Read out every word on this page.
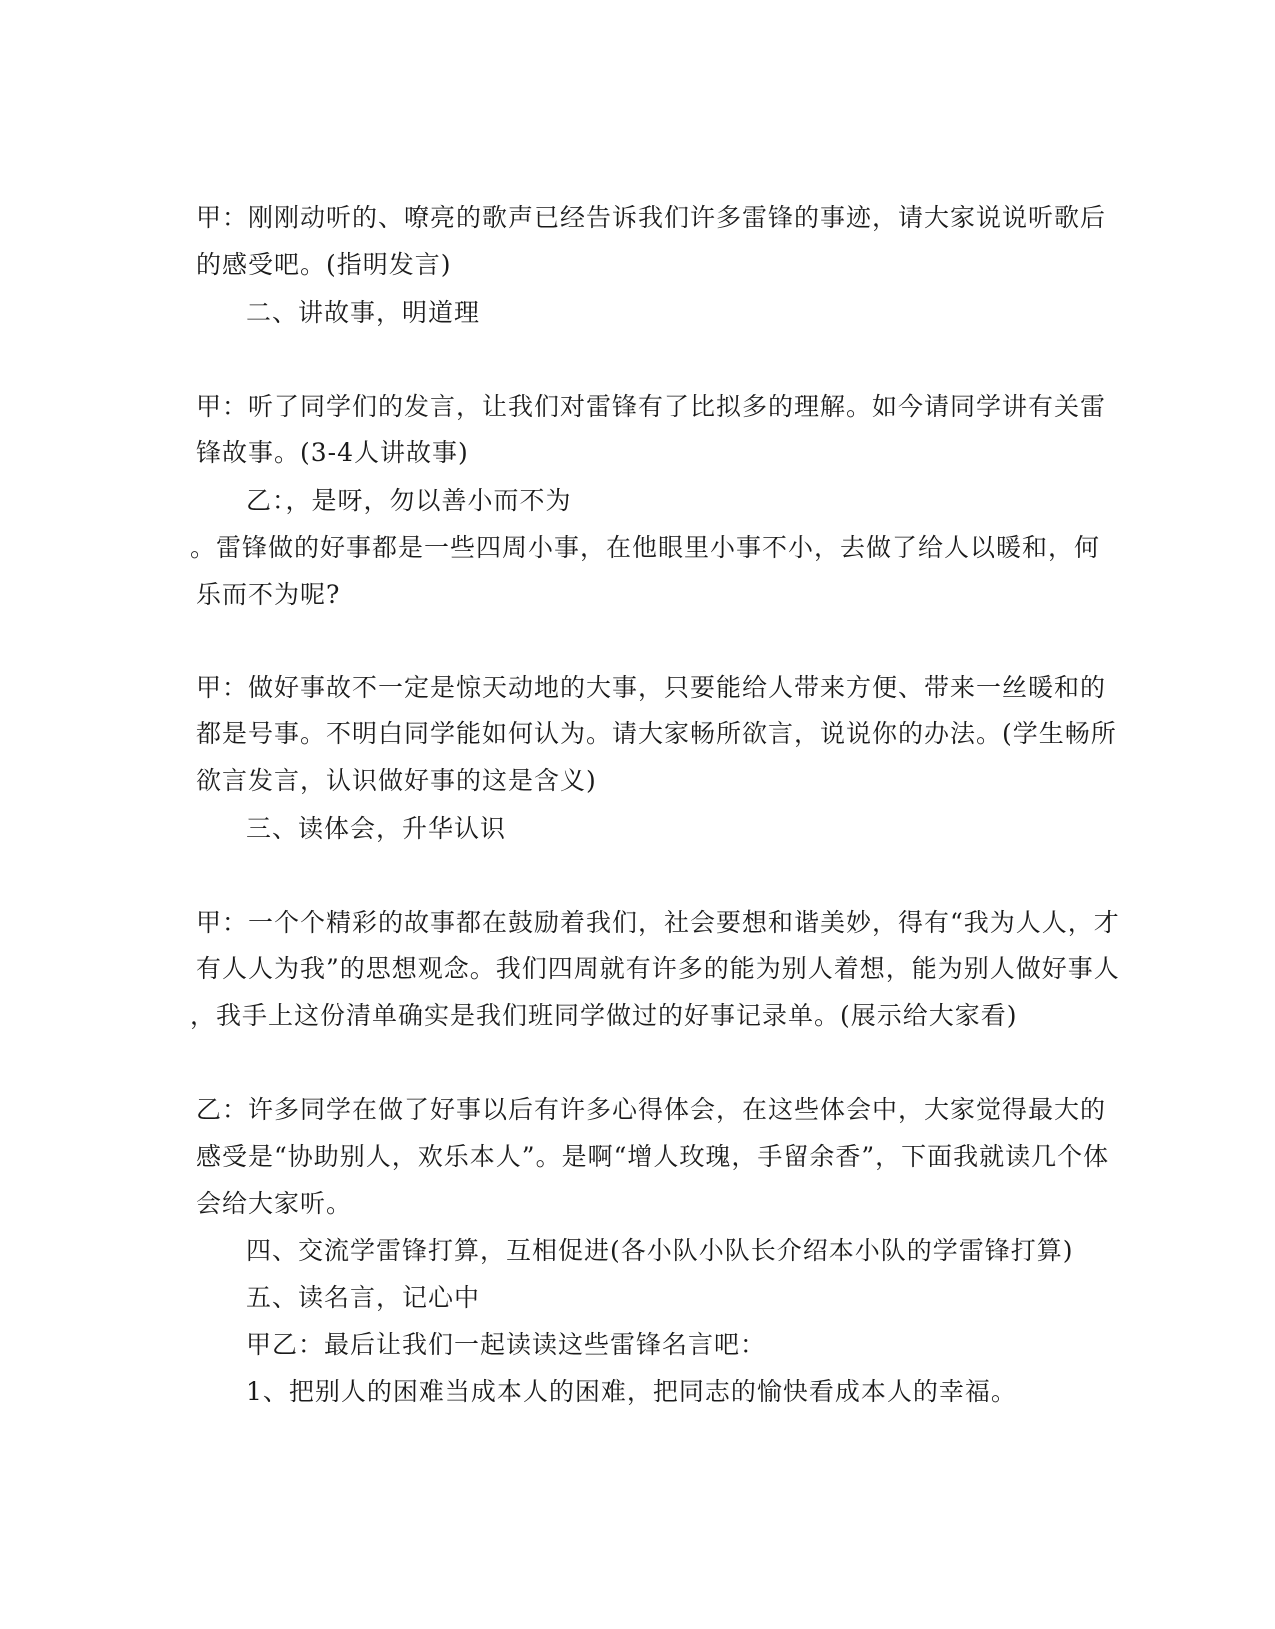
甲：刚刚动听的、嘹亮的歌声已经告诉我们许多雷锋的事迹，请大家说说听歌后
的感受吧。(指明发言)
二、讲故事，明道理
甲：听了同学们的发言，让我们对雷锋有了比拟多的理解。如今请同学讲有关雷
锋故事。(3-4人讲故事)
乙：，是呀，勿以善小而不为
。雷锋做的好事都是一些四周小事，在他眼里小事不小，去做了给人以暖和，何
乐而不为呢?
甲：做好事故不一定是惊天动地的大事，只要能给人带来方便、带来一丝暖和的
都是号事。不明白同学能如何认为。请大家畅所欲言，说说你的办法。(学生畅所
欲言发言，认识做好事的这是含义)
三、读体会，升华认识
甲：一个个精彩的故事都在鼓励着我们，社会要想和谐美妙，得有“我为人人，才
有人人为我”的思想观念。我们四周就有许多的能为别人着想，能为别人做好事人
，我手上这份清单确实是我们班同学做过的好事记录单。(展示给大家看)
乙：许多同学在做了好事以后有许多心得体会，在这些体会中，大家觉得最大的
感受是“协助别人，欢乐本人”。是啊“增人玫瑰，手留余香”，下面我就读几个体
会给大家听。
四、交流学雷锋打算，互相促进(各小队小队长介绍本小队的学雷锋打算)
五、读名言，记心中
甲乙：最后让我们一起读读这些雷锋名言吧：
1、把别人的困难当成本人的困难，把同志的愉快看成本人的幸福。
